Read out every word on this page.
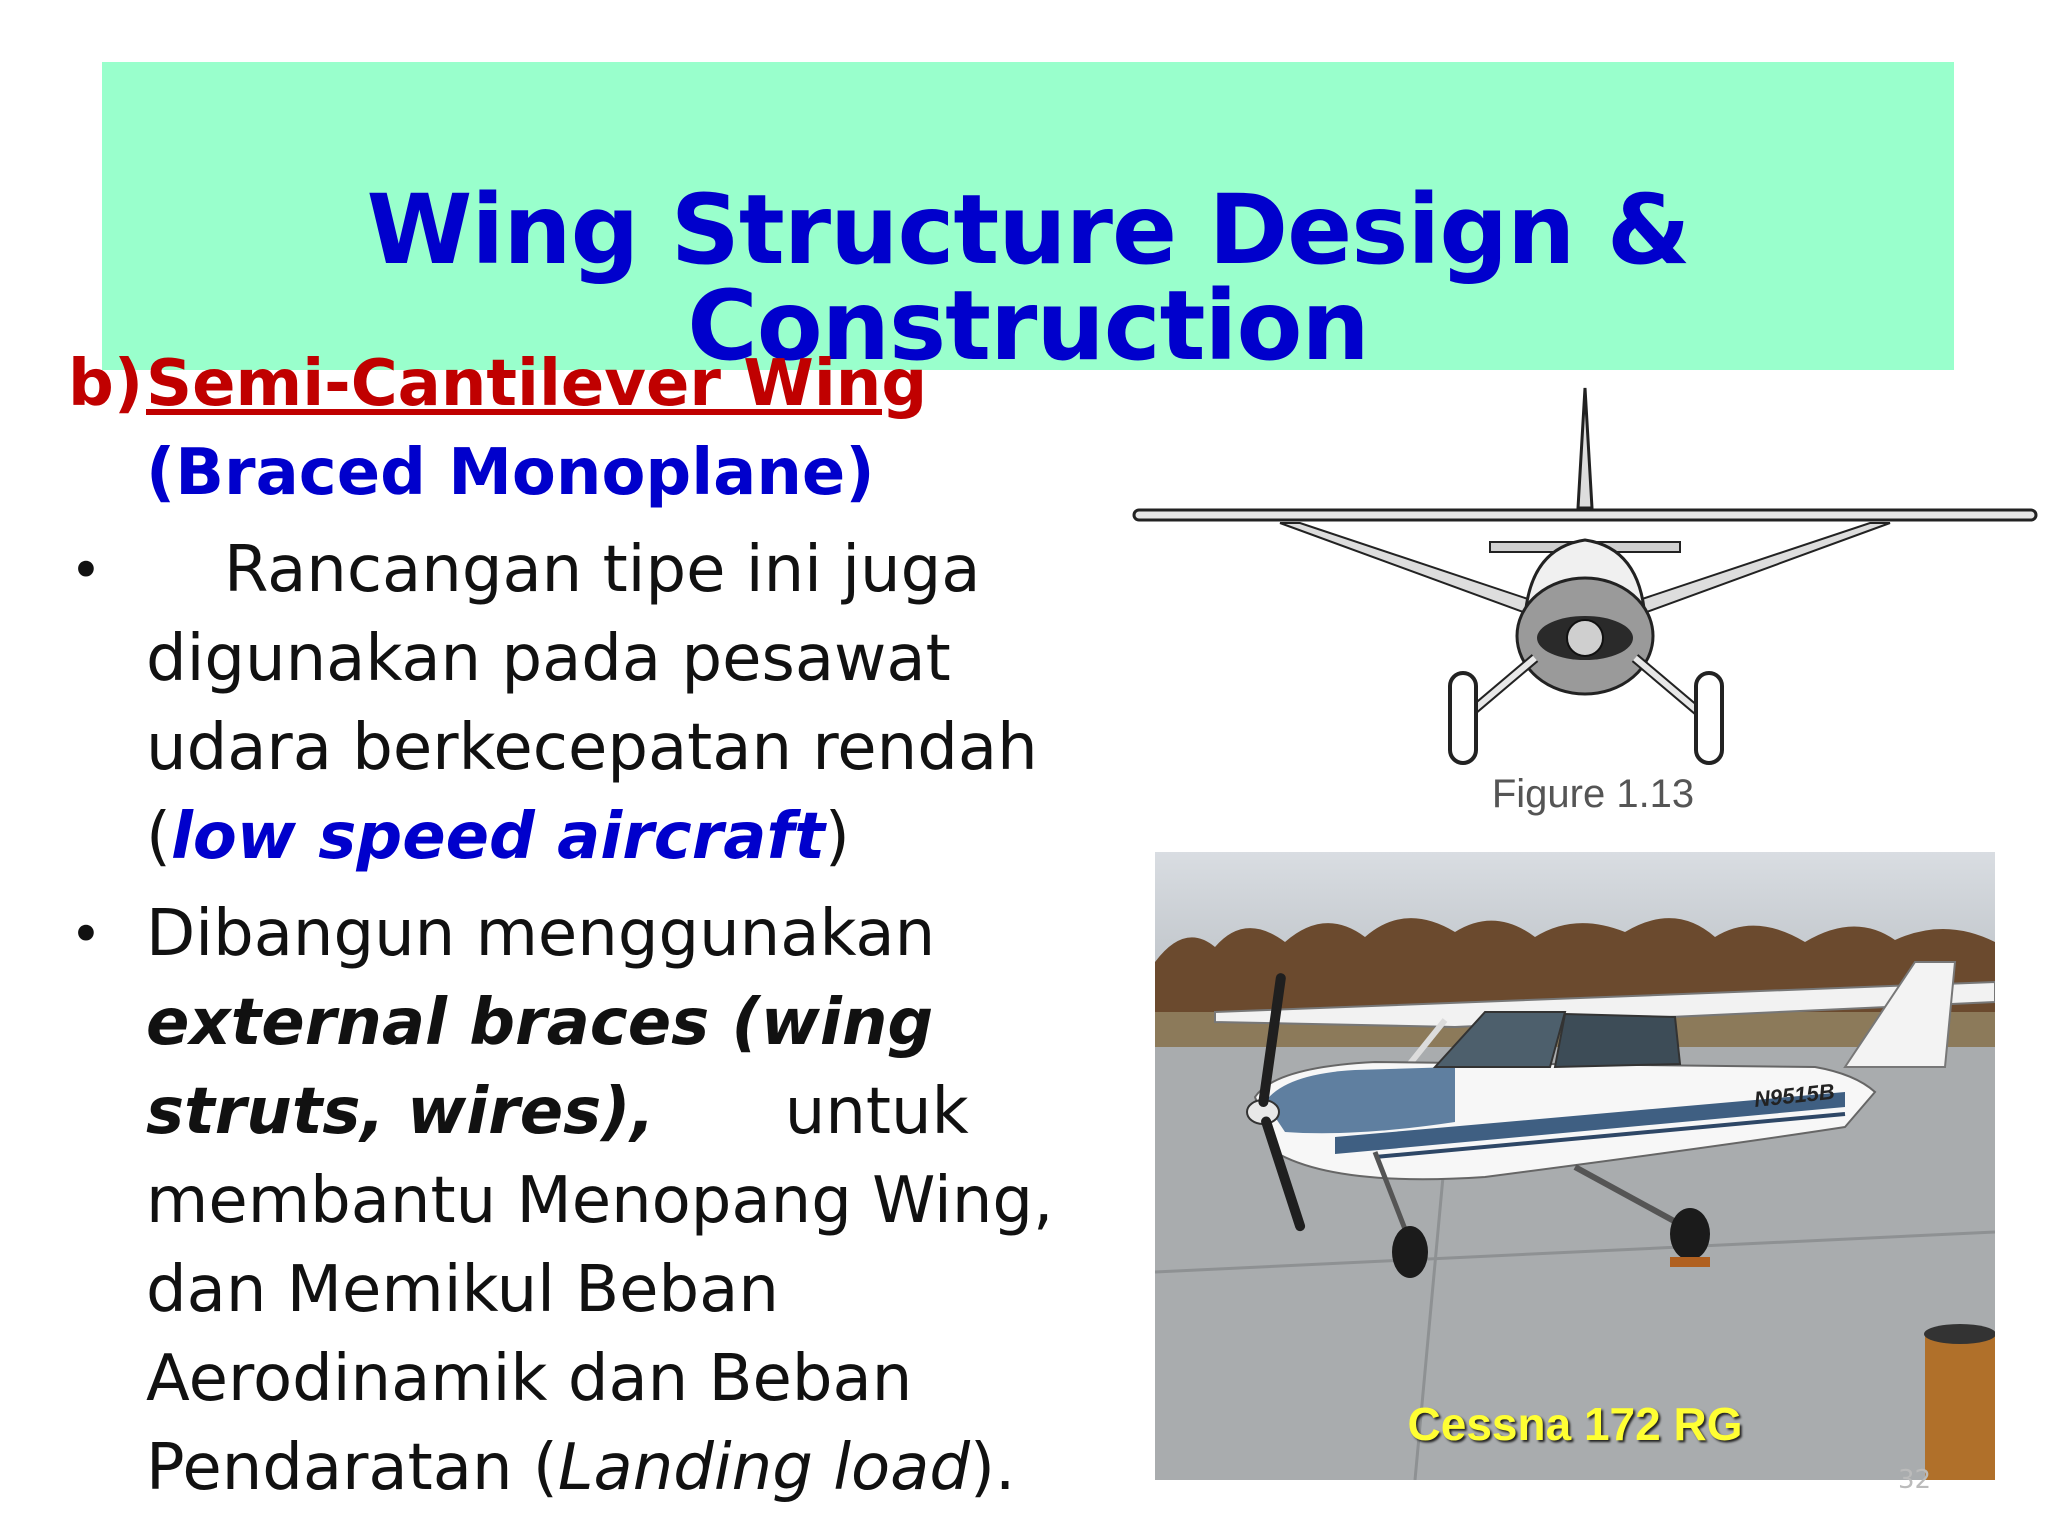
Wing Structure Design & Construction
b) Semi-Cantilever Wing (Braced Monoplane)
• Rancangan tipe ini juga digunakan pada pesawat udara berkecepatan rendah (low speed aircraft)
• Dibangun menggunakan external braces (wing struts, wires), untuk membantu Menopang Wing, dan Memikul Beban Aerodinamik dan Beban Pendaratan (Landing load).
Figure 1.13
N9515B
Cessna 172 RG
32
